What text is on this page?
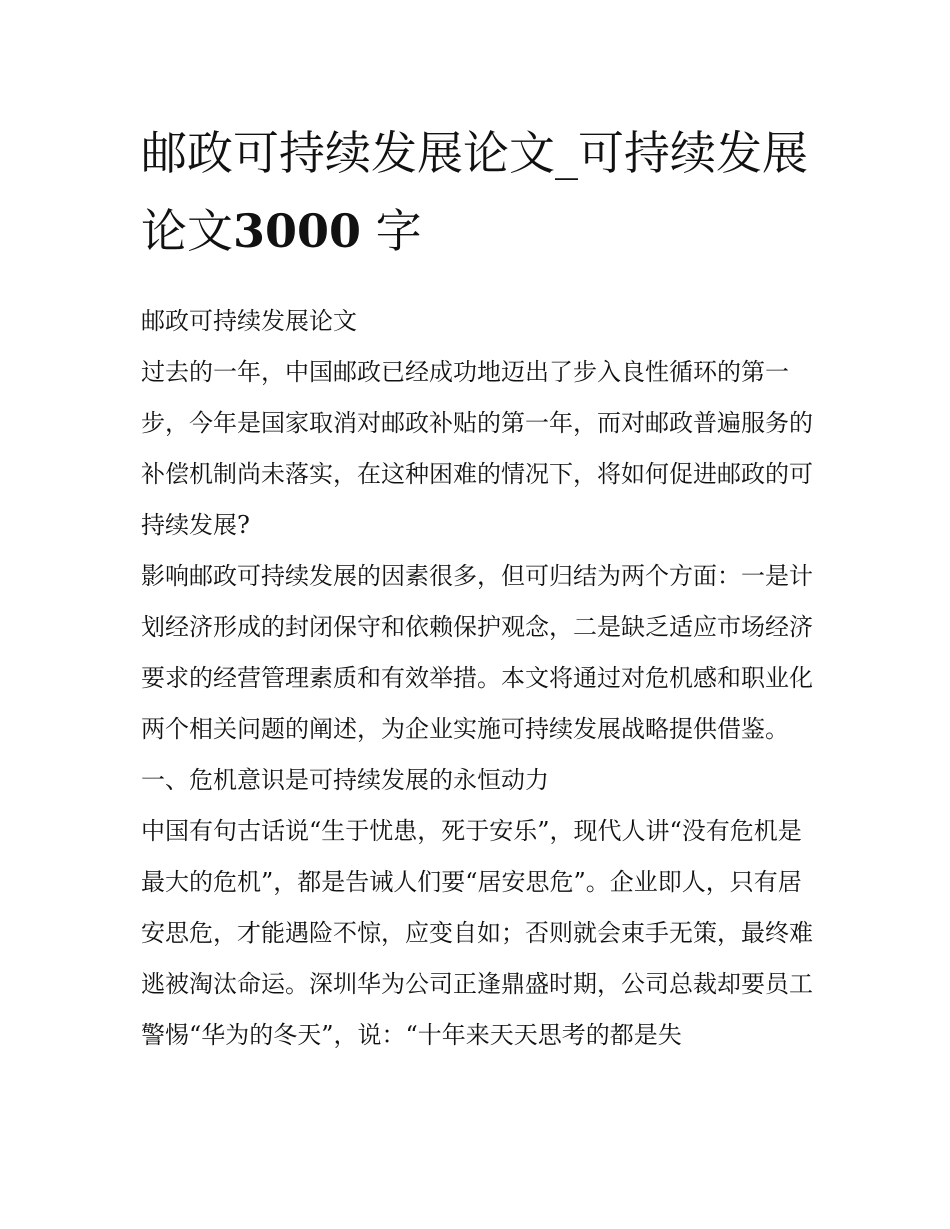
邮政可持续发展论文_可持续发展论文3000 字

邮政可持续发展论文

过去的一年，中国邮政已经成功地迈出了步入良性循环的第一步，今年是国家取消对邮政补贴的第一年，而对邮政普遍服务的补偿机制尚未落实，在这种困难的情况下，将如何促进邮政的可持续发展?

影响邮政可持续发展的因素很多，但可归结为两个方面：一是计划经济形成的封闭保守和依赖保护观念，二是缺乏适应市场经济要求的经营管理素质和有效举措。本文将通过对危机感和职业化两个相关问题的阐述，为企业实施可持续发展战略提供借鉴。

一、危机意识是可持续发展的永恒动力

中国有句古话说“生于忧患，死于安乐”，现代人讲“没有危机是最大的危机”，都是告诫人们要“居安思危”。企业即人，只有居安思危，才能遇险不惊，应变自如；否则就会束手无策，最终难逃被淘汰命运。深圳华为公司正逢鼎盛时期，公司总裁却要员工警惕“华为的冬天”，说：“十年来天天思考的都是失
